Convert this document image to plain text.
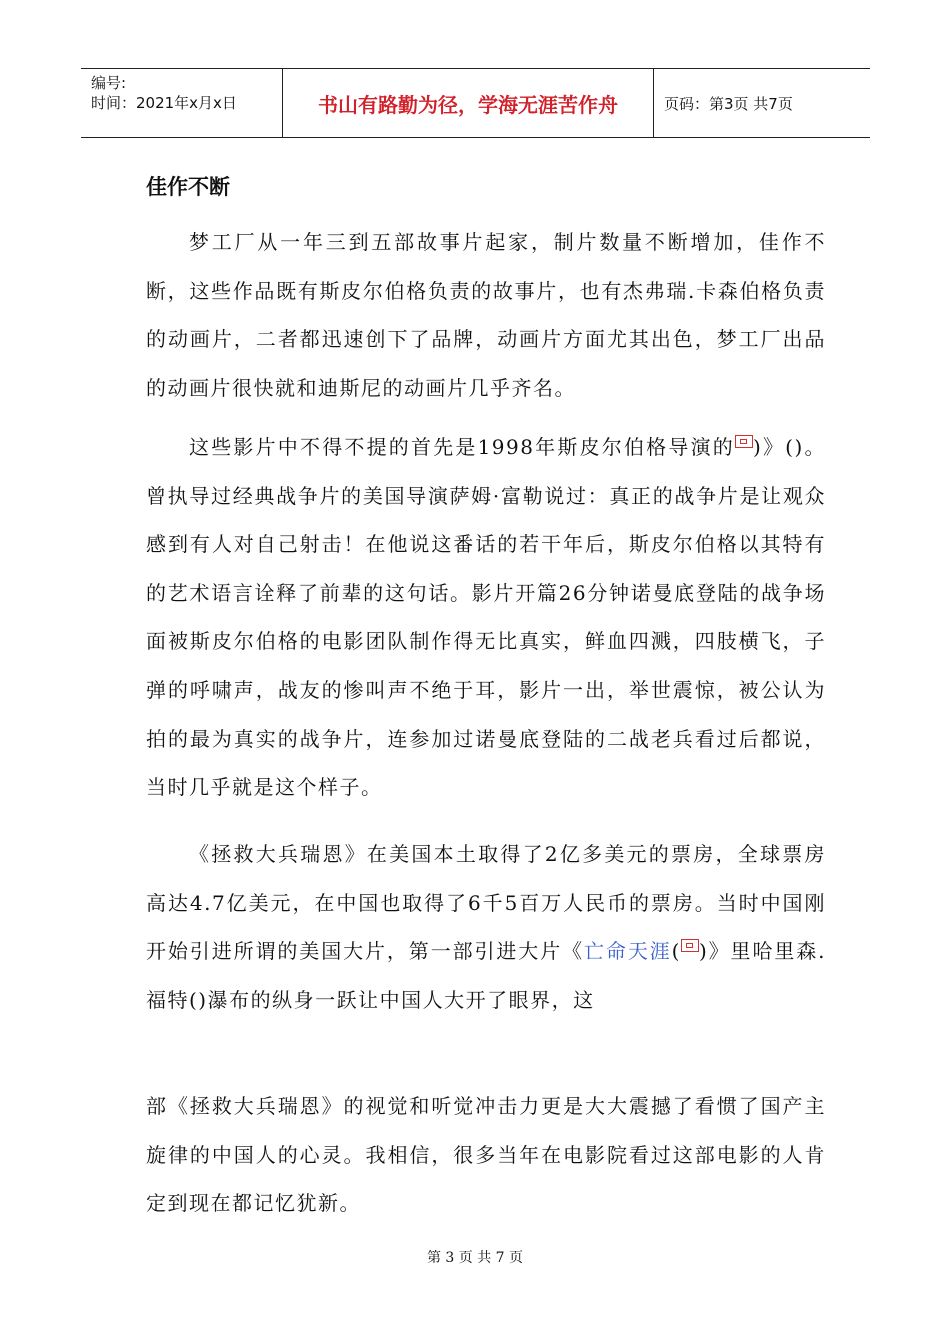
编号:
时间：2021年x月x日	书山有路勤为径，学海无涯苦作舟	页码：第3页 共7页
佳作不断

梦工厂从一年三到五部故事片起家，制片数量不断增加，佳作不断，这些作品既有斯皮尔伯格负责的故事片，也有杰弗瑞.卡森伯格负责的动画片，二者都迅速创下了品牌，动画片方面尤其出色，梦工厂出品的动画片很快就和迪斯尼的动画片几乎齐名。

这些影片中不得不提的首先是1998年斯皮尔伯格导演的 )》()。曾执导过经典战争片的美国导演萨姆·富勒说过：真正的战争片是让观众感到有人对自己射击！在他说这番话的若干年后，斯皮尔伯格以其特有的艺术语言诠释了前辈的这句话。影片开篇26分钟诺曼底登陆的战争场面被斯皮尔伯格的电影团队制作得无比真实，鲜血四溅，四肢横飞，子弹的呼啸声，战友的惨叫声不绝于耳，影片一出，举世震惊，被公认为拍的最为真实的战争片，连参加过诺曼底登陆的二战老兵看过后都说，当时几乎就是这个样子。

《拯救大兵瑞恩》在美国本土取得了2亿多美元的票房，全球票房高达4.7亿美元，在中国也取得了6千5百万人民币的票房。当时中国刚开始引进所谓的美国大片，第一部引进大片《亡命天涯( )》里哈里森.福特()瀑布的纵身一跃让中国人大开了眼界，这

部《拯救大兵瑞恩》的视觉和听觉冲击力更是大大震撼了看惯了国产主旋律的中国人的心灵。我相信，很多当年在电影院看过这部电影的人肯定到现在都记忆犹新。

第 3 页 共 7 页
